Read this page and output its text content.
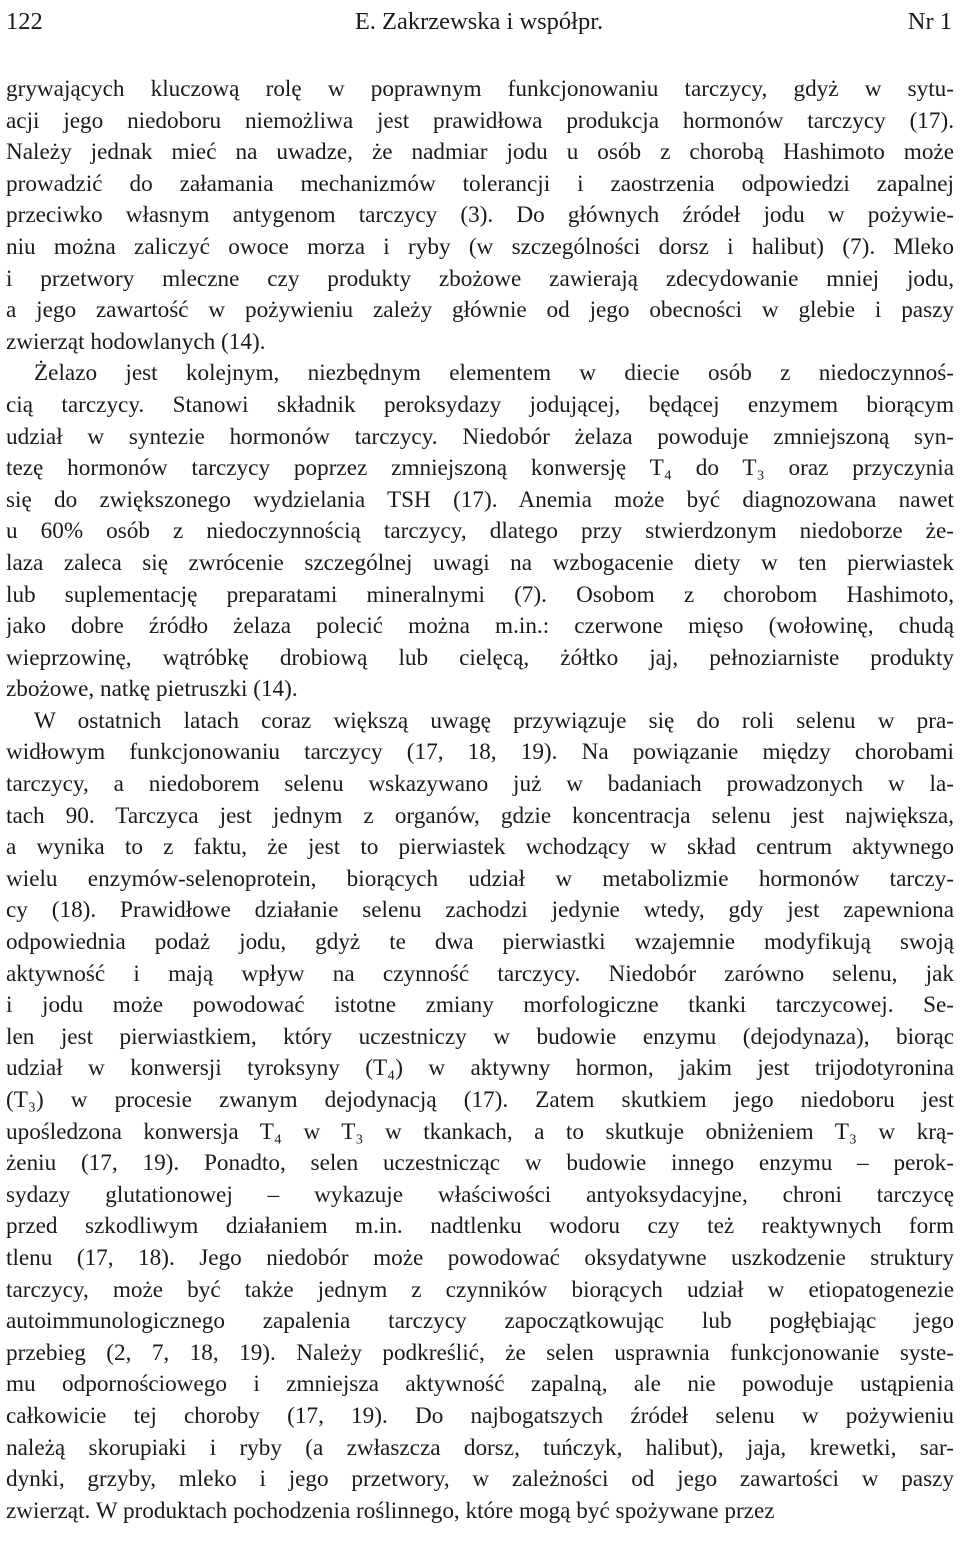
122	E. Zakrzewska i współpr.	Nr 1
grywających kluczową rolę w poprawnym funkcjonowaniu tarczycy, gdyż w sytu-
acji jego niedoboru niemożliwa jest prawidłowa produkcja hormonów tarczycy (17).
Należy jednak mieć na uwadze, że nadmiar jodu u osób z chorobą Hashimoto może
prowadzić do załamania mechanizmów tolerancji i zaostrzenia odpowiedzi zapalnej
przeciwko własnym antygenom tarczycy (3). Do głównych źródeł jodu w pożywie-
niu można zaliczyć owoce morza i ryby (w szczególności dorsz i halibut) (7). Mleko
i przetwory mleczne czy produkty zbożowe zawierają zdecydowanie mniej jodu,
a jego zawartość w pożywieniu zależy głównie od jego obecności w glebie i paszy
zwierząt hodowlanych (14).
Żelazo jest kolejnym, niezbędnym elementem w diecie osób z niedoczynnoś-
cią tarczycy. Stanowi składnik peroksydazy jodującej, będącej enzymem biorącym
udział w syntezie hormonów tarczycy. Niedobór żelaza powoduje zmniejszoną syn-
tezę hormonów tarczycy poprzez zmniejszoną konwersję T₄ do T₃ oraz przyczynia
się do zwiększonego wydzielania TSH (17). Anemia może być diagnozowana nawet
u 60% osób z niedoczynnością tarczycy, dlatego przy stwierdzonym niedoborze że-
laza zaleca się zwrócenie szczególnej uwagi na wzbogacenie diety w ten pierwiastek
lub suplementację preparatami mineralnymi (7). Osobom z chorobom Hashimoto,
jako dobre źródło żelaza polecić można m.in.: czerwone mięso (wołowinę, chudą
wieprzowinę, wątróbkę drobiową lub cielęcą, żółtko jaj, pełnoziarniste produkty
zbożowe, natkę pietruszki (14).
W ostatnich latach coraz większą uwagę przywiązuje się do roli selenu w pra-
widłowym funkcjonowaniu tarczycy (17, 18, 19). Na powiązanie między chorobami
tarczycy, a niedoborem selenu wskazywano już w badaniach prowadzonych w la-
tach 90. Tarczyca jest jednym z organów, gdzie koncentracja selenu jest największa,
a wynika to z faktu, że jest to pierwiastek wchodzący w skład centrum aktywnego
wielu enzymów-selenoprotein, biorących udział w metabolizmie hormonów tarczy-
cy (18). Prawidłowe działanie selenu zachodzi jedynie wtedy, gdy jest zapewniona
odpowiednia podaż jodu, gdyż te dwa pierwiastki wzajemnie modyfikują swoją
aktywność i mają wpływ na czynność tarczycy. Niedobór zarówno selenu, jak
i jodu może powodować istotne zmiany morfologiczne tkanki tarczycowej. Se-
len jest pierwiastkiem, który uczestniczy w budowie enzymu (dejodynaza), biorąc
udział w konwersji tyroksyny (T₄) w aktywny hormon, jakim jest trijodotyronina
(T₃) w procesie zwanym dejodynacją (17). Zatem skutkiem jego niedoboru jest
upośledzona konwersja T₄ w T₃ w tkankach, a to skutkuje obniżeniem T₃ w krą-
żeniu (17, 19). Ponadto, selen uczestnicząc w budowie innego enzymu – perok-
sydazy glutationowej – wykazuje właściwości antyoksydacyjne, chroni tarczycę
przed szkodliwym działaniem m.in. nadtlenku wodoru czy też reaktywnych form
tlenu (17, 18). Jego niedobór może powodować oksydatywne uszkodzenie struktury
tarczycy, może być także jednym z czynników biorących udział w etiopatogenezie
autoimmunologicznego zapalenia tarczycy zapoczątkowując lub pogłębiając jego
przebieg (2, 7, 18, 19). Należy podkreślić, że selen usprawnia funkcjonowanie syste-
mu odpornościowego i zmniejsza aktywność zapalną, ale nie powoduje ustąpienia
całkowicie tej choroby (17, 19). Do najbogatszych źródeł selenu w pożywieniu
należą skorupiaki i ryby (a zwłaszcza dorsz, tuńczyk, halibut), jaja, krewetki, sar-
dynki, grzyby, mleko i jego przetwory, w zależności od jego zawartości w paszy
zwierząt. W produktach pochodzenia roślinnego, które mogą być spożywane przez
